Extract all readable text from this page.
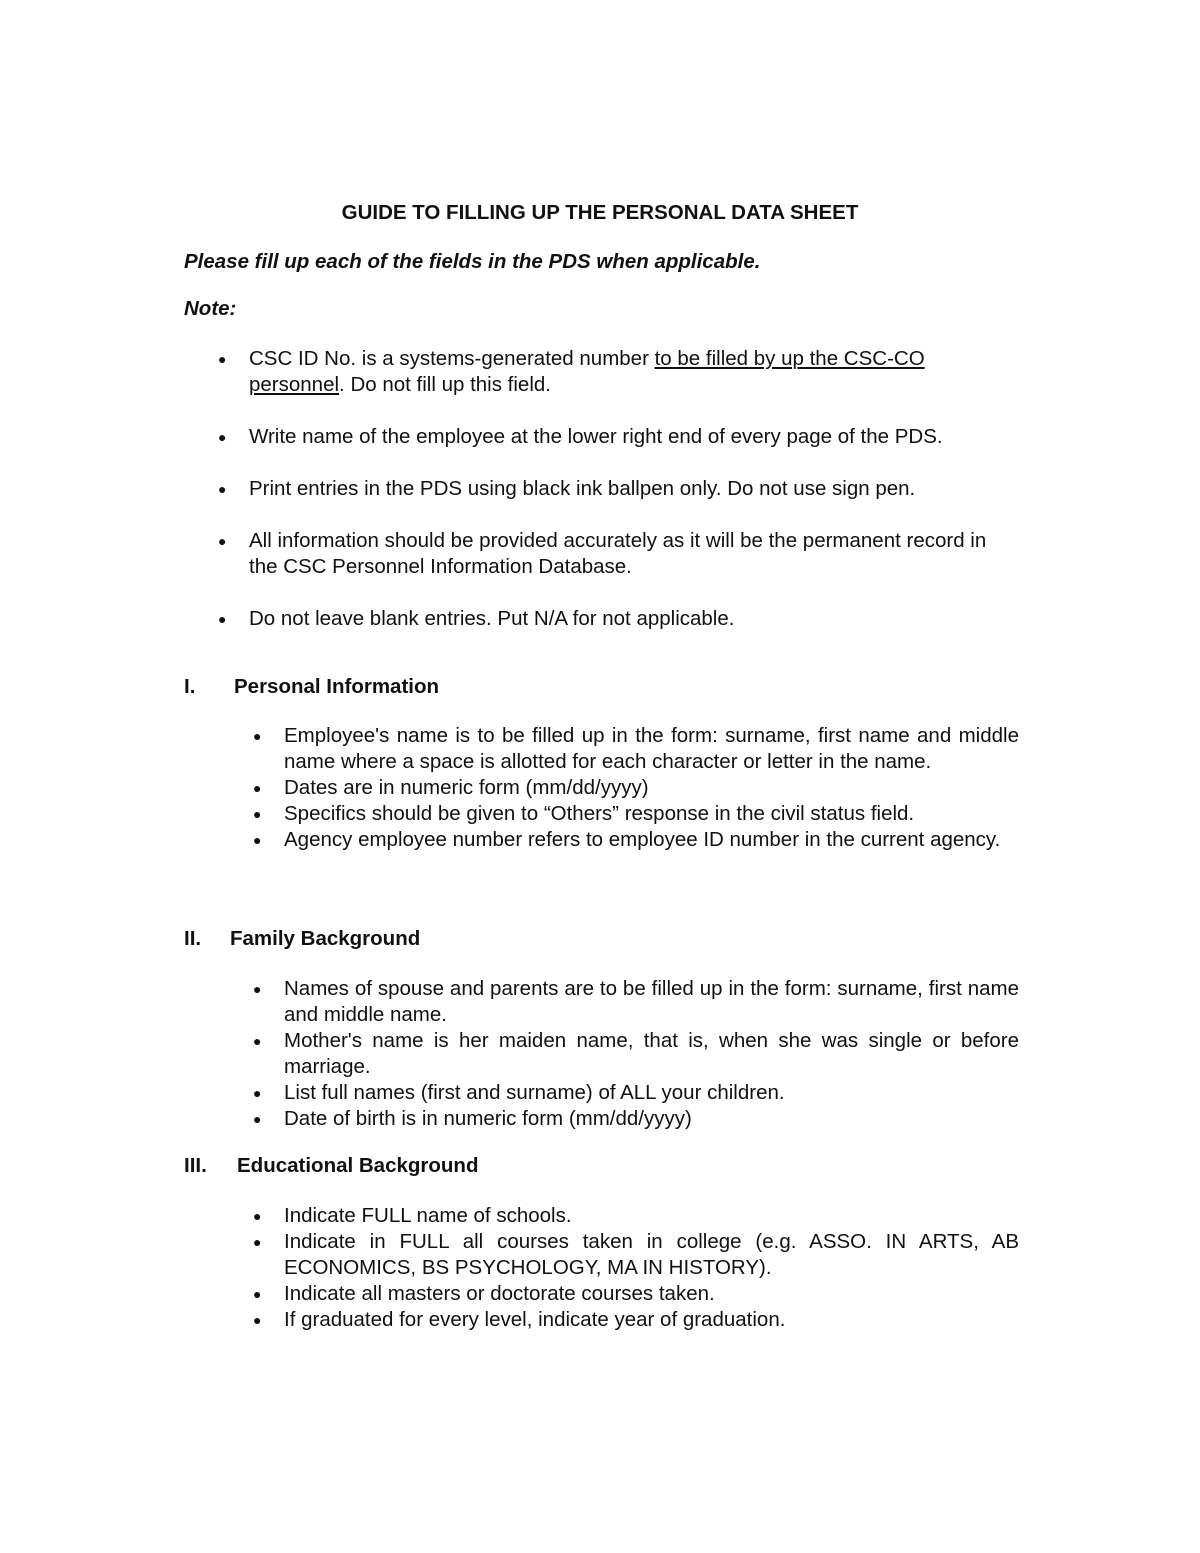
GUIDE TO FILLING UP THE PERSONAL DATA SHEET
Please fill up each of the fields in the PDS when applicable.
Note:
● CSC ID No. is a systems-generated number to be filled by up the CSC-CO personnel. Do not fill up this field.
● Write name of the employee at the lower right end of every page of the PDS.
● Print entries in the PDS using black ink ballpen only. Do not use sign pen.
● All information should be provided accurately as it will be the permanent record in the CSC Personnel Information Database.
● Do not leave blank entries. Put N/A for not applicable.
I. Personal Information
● Employee's name is to be filled up in the form: surname, first name and middle name where a space is allotted for each character or letter in the name.
● Dates are in numeric form (mm/dd/yyyy)
● Specifics should be given to “Others” response in the civil status field.
● Agency employee number refers to employee ID number in the current agency.
II. Family Background
● Names of spouse and parents are to be filled up in the form: surname, first name and middle name.
● Mother's name is her maiden name, that is, when she was single or before marriage.
● List full names (first and surname) of ALL your children.
● Date of birth is in numeric form (mm/dd/yyyy)
III. Educational Background
● Indicate FULL name of schools.
● Indicate in FULL all courses taken in college (e.g. ASSO. IN ARTS, AB ECONOMICS, BS PSYCHOLOGY, MA IN HISTORY).
● Indicate all masters or doctorate courses taken.
● If graduated for every level, indicate year of graduation.
